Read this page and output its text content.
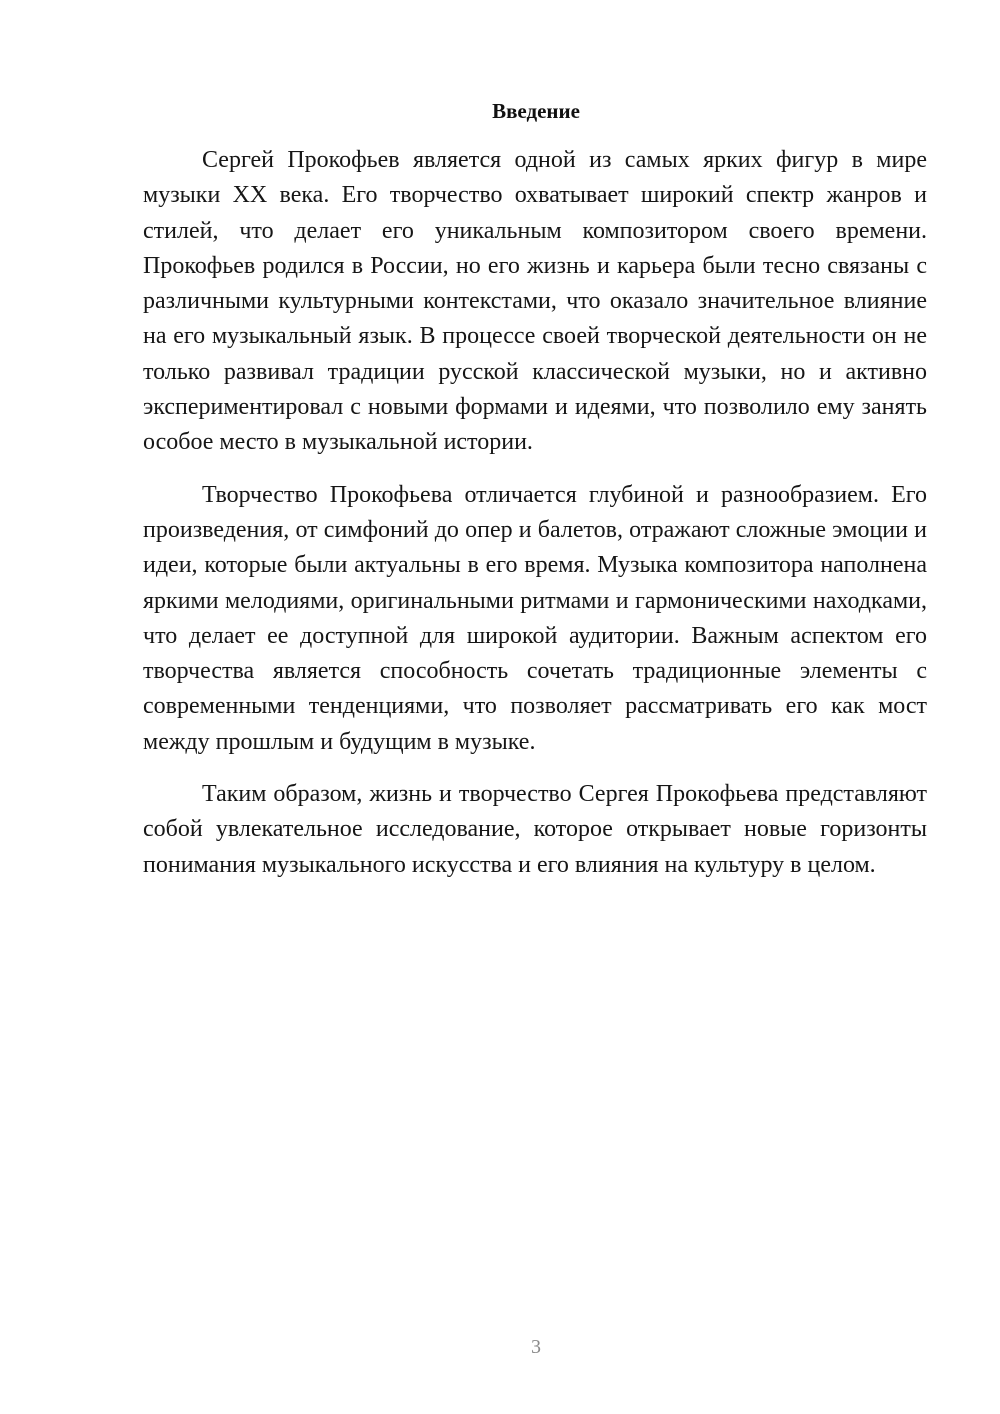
Введение

Сергей Прокофьев является одной из самых ярких фигур в мире музыки XX века. Его творчество охватывает широкий спектр жанров и стилей, что делает его уникальным композитором своего времени. Прокофьев родился в России, но его жизнь и карьера были тесно связаны с различными культурными контекстами, что оказало значительное влияние на его музыкальный язык. В процессе своей творческой деятельности он не только развивал традиции русской классической музыки, но и активно экспериментировал с новыми формами и идеями, что позволило ему занять особое место в музыкальной истории.

Творчество Прокофьева отличается глубиной и разнообразием. Его произведения, от симфоний до опер и балетов, отражают сложные эмоции и идеи, которые были актуальны в его время. Музыка композитора наполнена яркими мелодиями, оригинальными ритмами и гармоническими находками, что делает ее доступной для широкой аудитории. Важным аспектом его творчества является способность сочетать традиционные элементы с современными тенденциями, что позволяет рассматривать его как мост между прошлым и будущим в музыке.

Таким образом, жизнь и творчество Сергея Прокофьева представляют собой увлекательное исследование, которое открывает новые горизонты понимания музыкального искусства и его влияния на культуру в целом.

3
